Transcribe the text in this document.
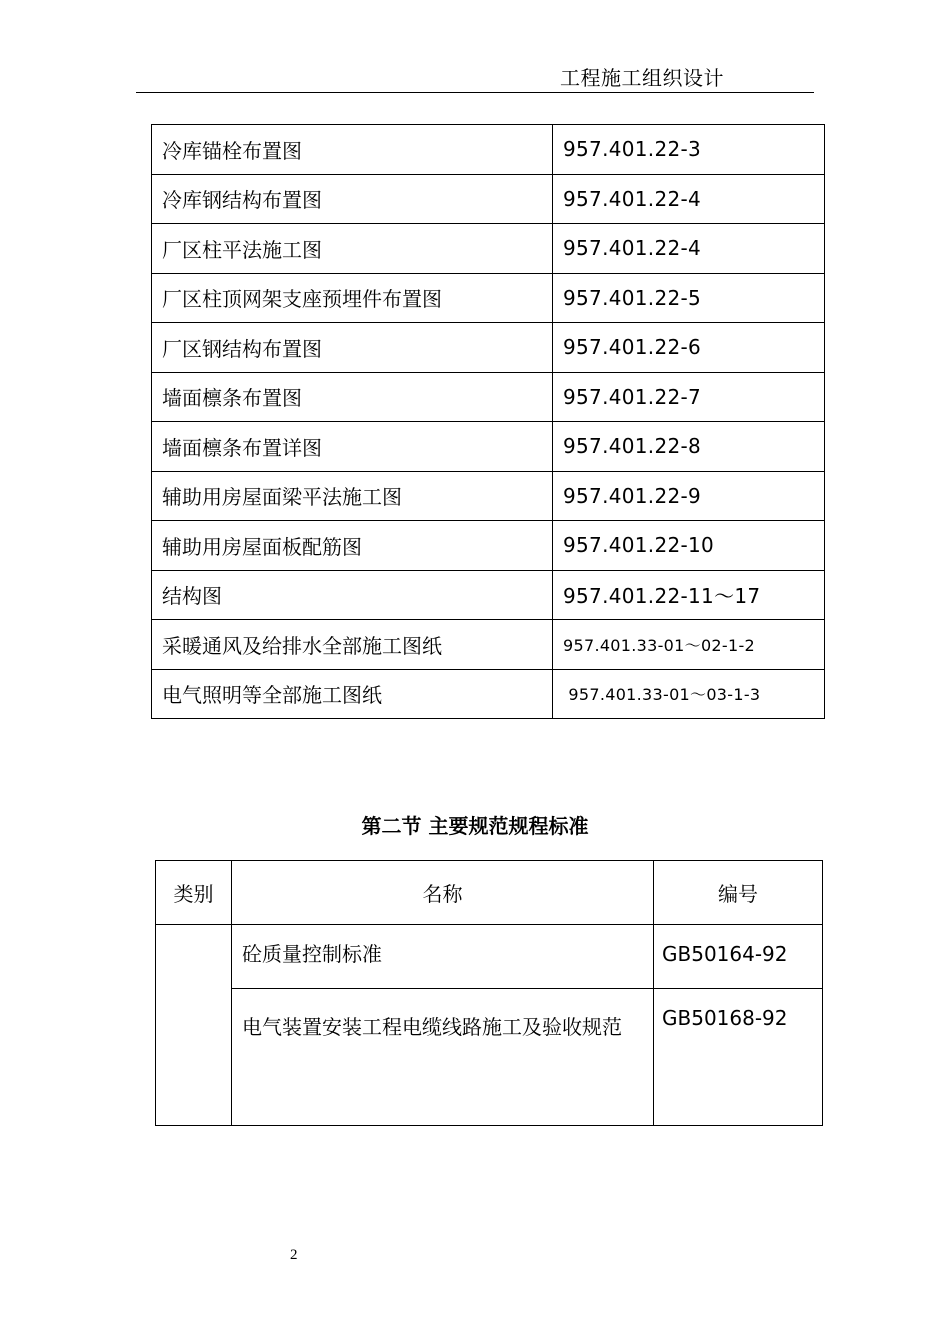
工程施工组织设计
冷库锚栓布置图	957.401.22-3
冷库钢结构布置图	957.401.22-4
厂区柱平法施工图	957.401.22-4
厂区柱顶网架支座预埋件布置图	957.401.22-5
厂区钢结构布置图	957.401.22-6
墙面檩条布置图	957.401.22-7
墙面檩条布置详图	957.401.22-8
辅助用房屋面梁平法施工图	957.401.22-9
辅助用房屋面板配筋图	957.401.22-10
结构图	957.401.22-11～17
采暖通风及给排水全部施工图纸	957.401.33-01～02-1-2
电气照明等全部施工图纸	957.401.33-01～03-1-3
第二节 主要规范规程标准
类别	名称	编号
	砼质量控制标准	GB50164-92
	电气装置安装工程电缆线路施工及验收规范	GB50168-92
2
